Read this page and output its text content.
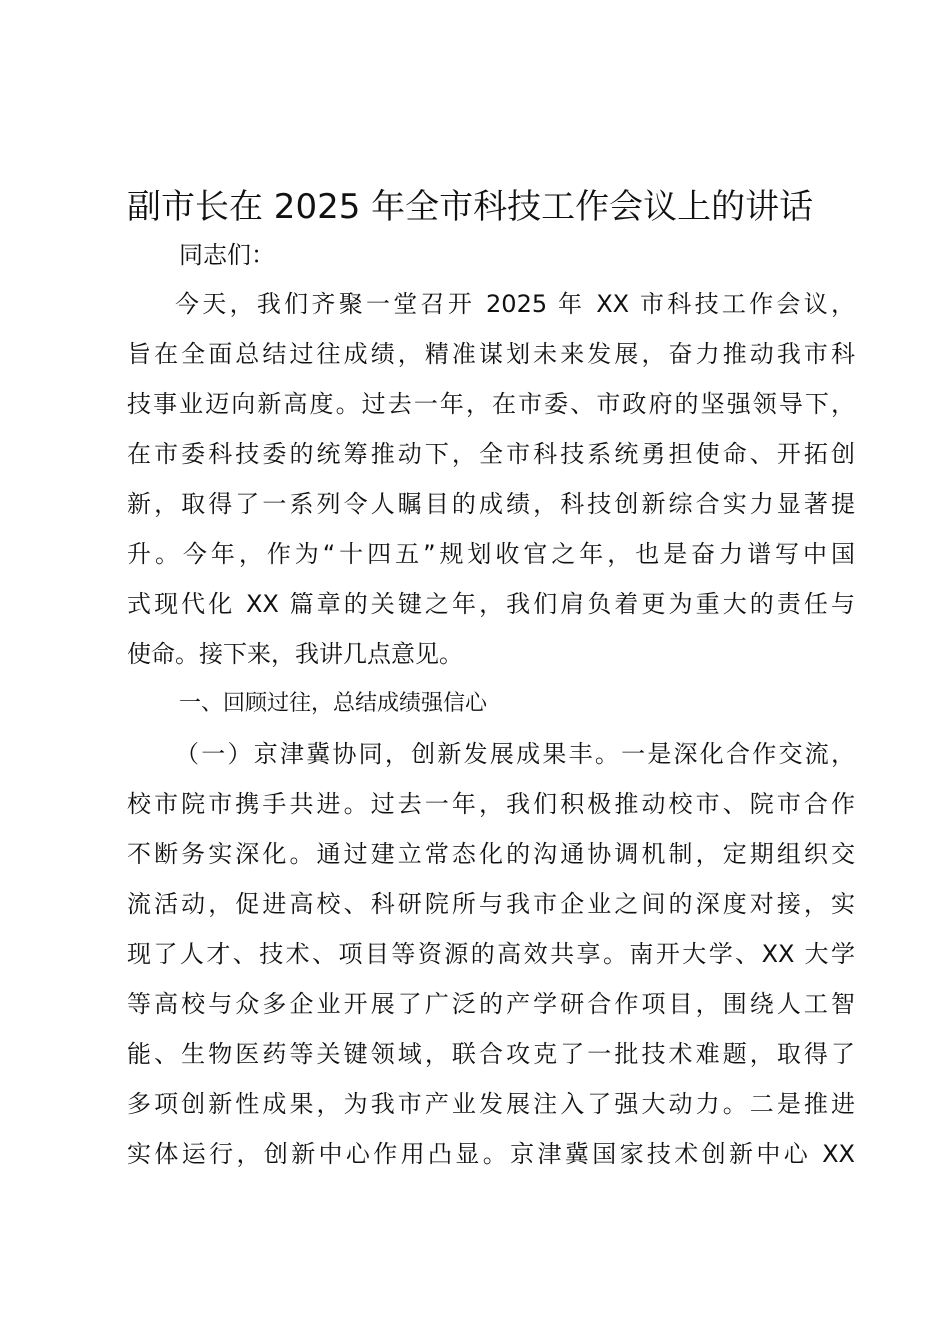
副市长在 2025 年全市科技工作会议上的讲话
同志们：
今天，我们齐聚一堂召开 2025 年 XX 市科技工作会议，
旨在全面总结过往成绩，精准谋划未来发展，奋力推动我市科
技事业迈向新高度。过去一年，在市委、市政府的坚强领导下，
在市委科技委的统筹推动下，全市科技系统勇担使命、开拓创
新，取得了一系列令人瞩目的成绩，科技创新综合实力显著提
升。今年，作为“十四五”规划收官之年，也是奋力谱写中国
式现代化 XX 篇章的关键之年，我们肩负着更为重大的责任与
使命。接下来，我讲几点意见。
一、回顾过往，总结成绩强信心
（一）京津冀协同，创新发展成果丰。一是深化合作交流，
校市院市携手共进。过去一年，我们积极推动校市、院市合作
不断务实深化。通过建立常态化的沟通协调机制，定期组织交
流活动，促进高校、科研院所与我市企业之间的深度对接，实
现了人才、技术、项目等资源的高效共享。南开大学、XX 大学
等高校与众多企业开展了广泛的产学研合作项目，围绕人工智
能、生物医药等关键领域，联合攻克了一批技术难题，取得了
多项创新性成果，为我市产业发展注入了强大动力。二是推进
实体运行，创新中心作用凸显。京津冀国家技术创新中心 XX
